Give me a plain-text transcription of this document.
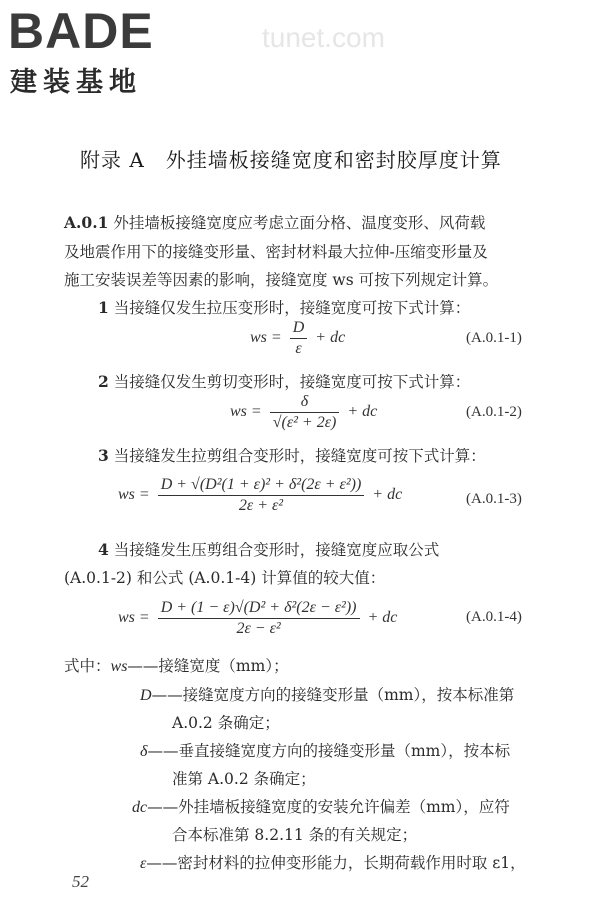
BADE
建装基地
tunet.com
附录 A　外挂墙板接缝宽度和密封胶厚度计算
A.0.1 外挂墙板接缝宽度应考虑立面分格、温度变形、风荷载
及地震作用下的接缝变形量、密封材料最大拉伸-压缩变形量及
施工安装误差等因素的影响，接缝宽度 ws 可按下列规定计算。
1 当接缝仅发生拉压变形时，接缝宽度可按下式计算：
ws = $\frac{D}{\varepsilon}$ + dc	(A.0.1-1)
2 当接缝仅发生剪切变形时，接缝宽度可按下式计算：
ws = $\frac{\delta}{\text{√(ε² + 2ε)}}$ + dc	(A.0.1-2)
3 当接缝发生拉剪组合变形时，接缝宽度可按下式计算：
ws = $\frac{\text{D + √(D²(1 + ε)² + δ²(2ε + ε²))}}{\text{2ε + ε²}}$ + dc	(A.0.1-3)
4 当接缝发生压剪组合变形时，接缝宽度应取公式
(A.0.1-2) 和公式 (A.0.1-4) 计算值的较大值：
ws = $\frac{\text{D + (1 − ε)√(D² + δ²(2ε − ε²))}}{\text{2ε − ε²}}$ + dc	(A.0.1-4)
式中：ws——接缝宽度（mm）；
D——接缝宽度方向的接缝变形量（mm），按本标准第
A.0.2 条确定；
δ——垂直接缝宽度方向的接缝变形量（mm），按本标
准第 A.0.2 条确定；
dc——外挂墙板接缝宽度的安装允许偏差（mm），应符
合本标准第 8.2.11 条的有关规定；
ε——密封材料的拉伸变形能力，长期荷载作用时取 ε1，
52
